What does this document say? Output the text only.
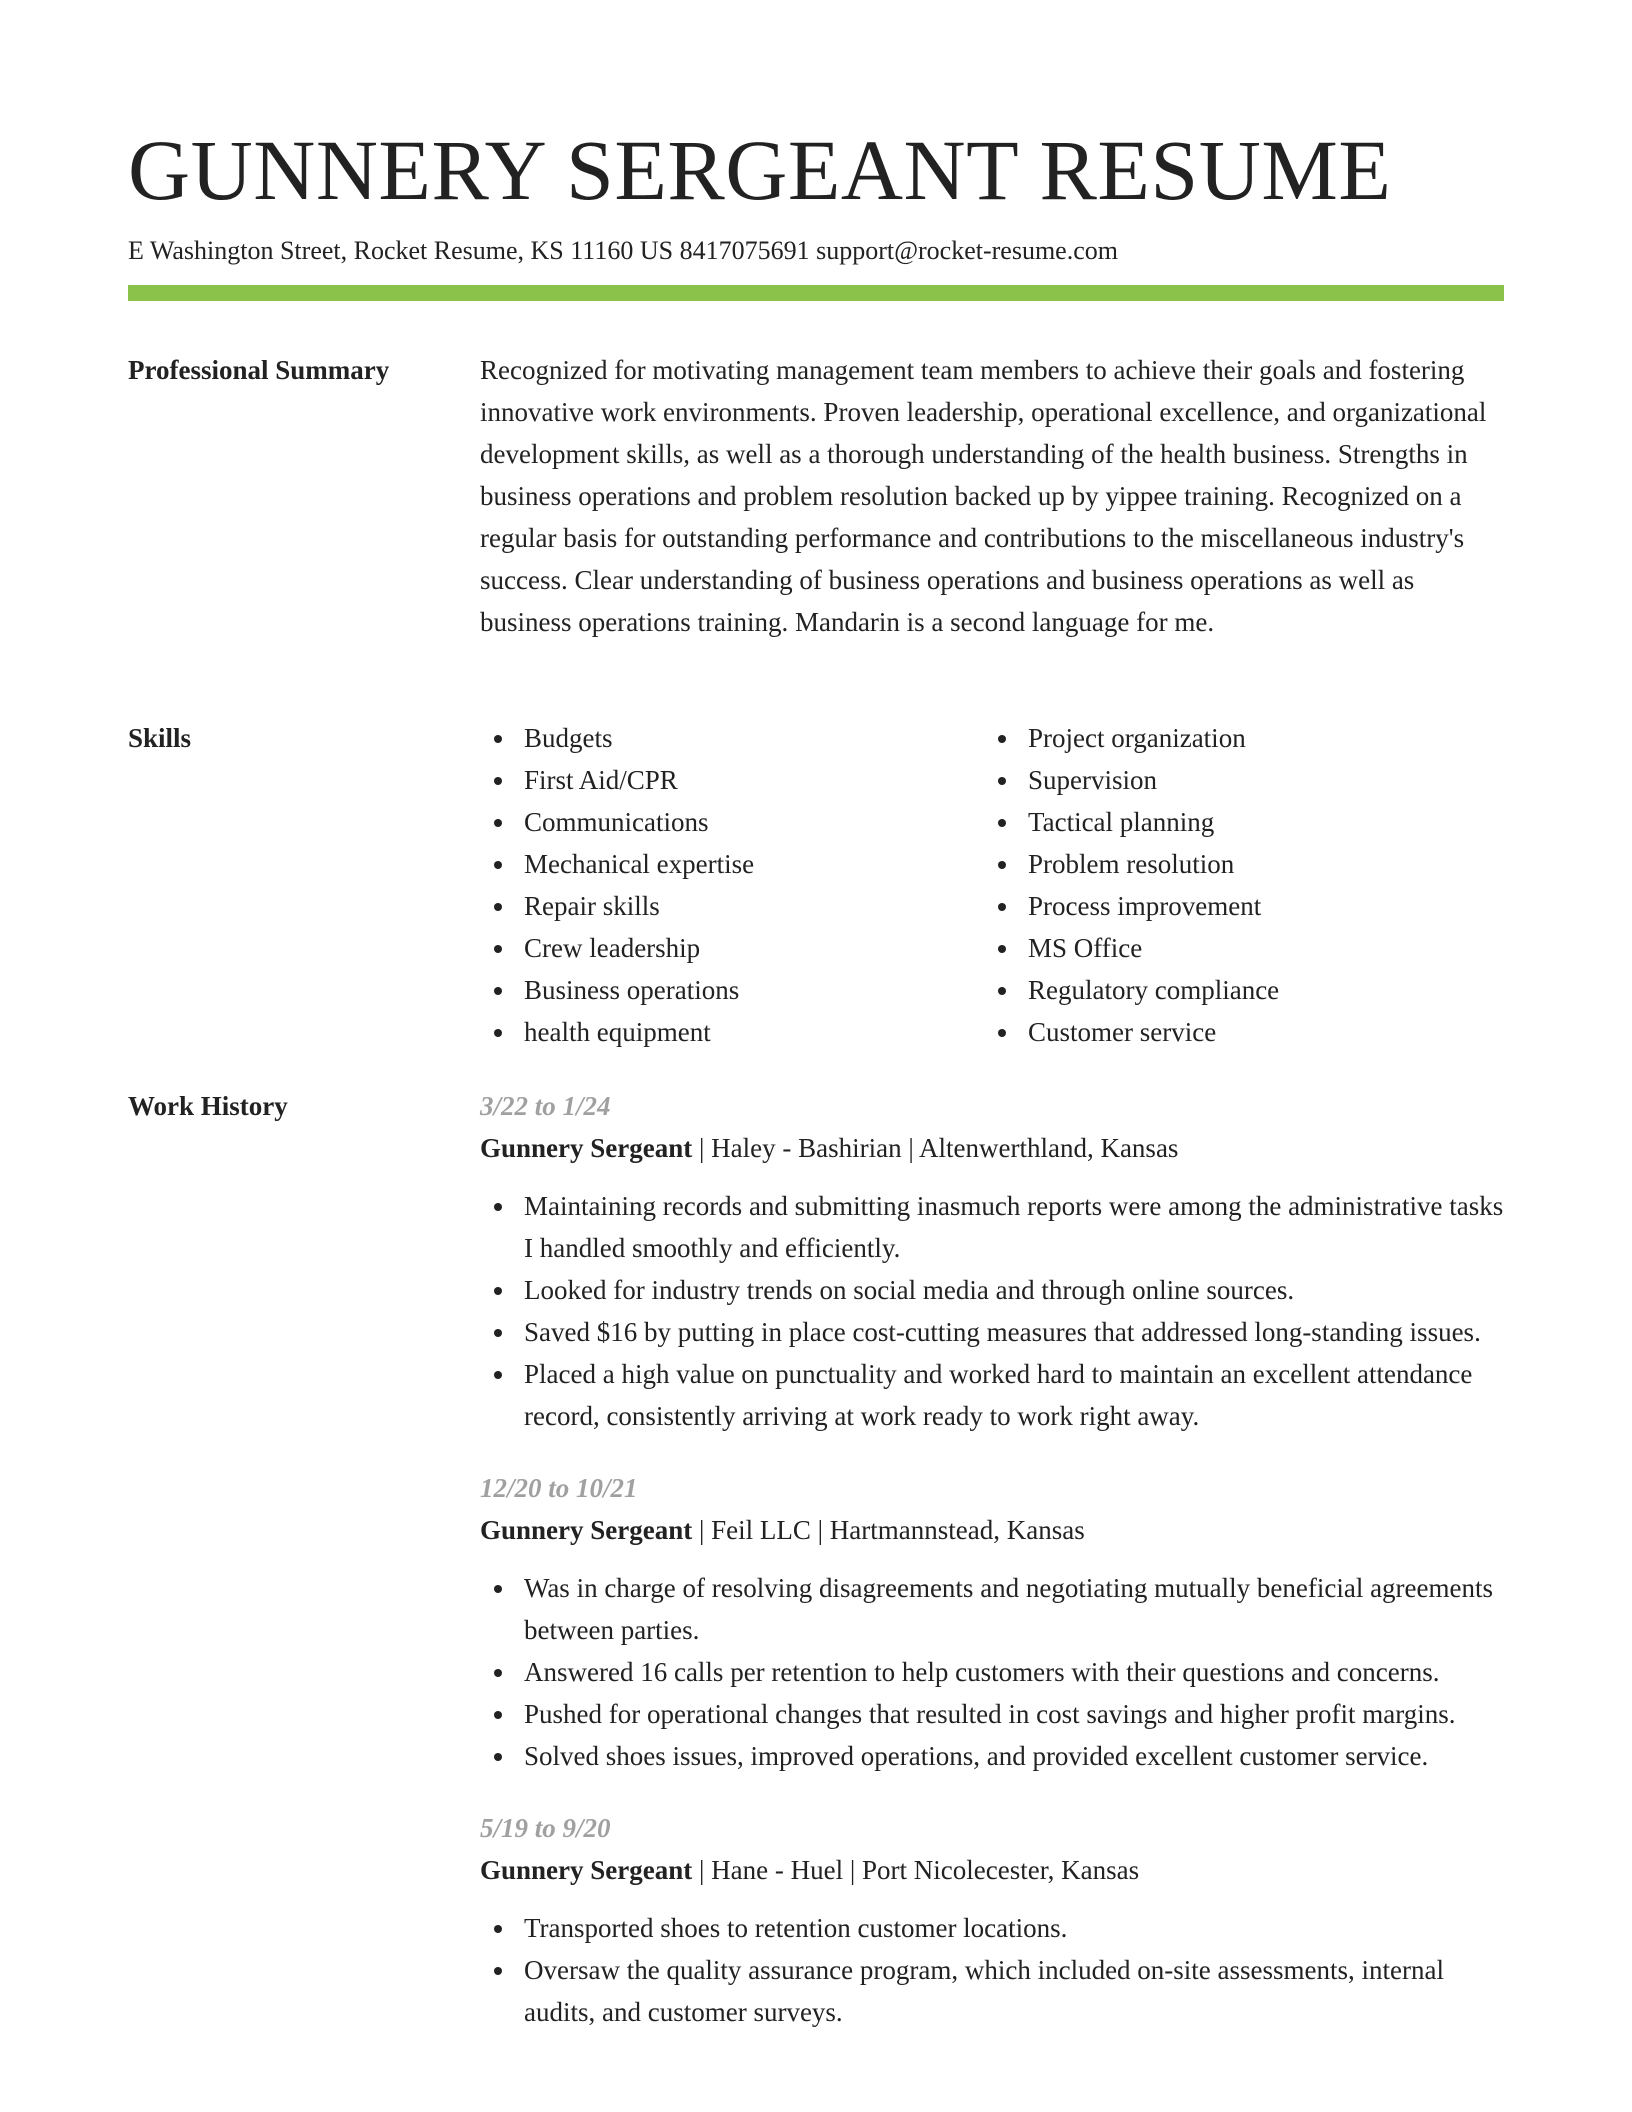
GUNNERY SERGEANT RESUME
E Washington Street, Rocket Resume, KS 11160 US 8417075691 support@rocket-resume.com
Professional Summary	Recognized for motivating management team members to achieve their goals and fostering innovative work environments. Proven leadership, operational excellence, and organizational development skills, as well as a thorough understanding of the health business. Strengths in business operations and problem resolution backed up by yippee training. Recognized on a regular basis for outstanding performance and contributions to the miscellaneous industry's success. Clear understanding of business operations and business operations as well as business operations training. Mandarin is a second language for me.

Skills	Budgets
First Aid/CPR
Communications
Mechanical expertise
Repair skills
Crew leadership
Business operations
health equipment
Project organization
Supervision
Tactical planning
Problem resolution
Process improvement
MS Office
Regulatory compliance
Customer service
Work History	3/22 to 1/24
Gunnery Sergeant | Haley - Bashirian | Altenwerthland, Kansas
Maintaining records and submitting inasmuch reports were among the administrative tasks I handled smoothly and efficiently.
Looked for industry trends on social media and through online sources.
Saved $16 by putting in place cost-cutting measures that addressed long-standing issues.
Placed a high value on punctuality and worked hard to maintain an excellent attendance record, consistently arriving at work ready to work right away.
12/20 to 10/21
Gunnery Sergeant | Feil LLC | Hartmannstead, Kansas
Was in charge of resolving disagreements and negotiating mutually beneficial agreements between parties.
Answered 16 calls per retention to help customers with their questions and concerns.
Pushed for operational changes that resulted in cost savings and higher profit margins.
Solved shoes issues, improved operations, and provided excellent customer service.
5/19 to 9/20
Gunnery Sergeant | Hane - Huel | Port Nicolecester, Kansas
Transported shoes to retention customer locations.
Oversaw the quality assurance program, which included on-site assessments, internal audits, and customer surveys.
